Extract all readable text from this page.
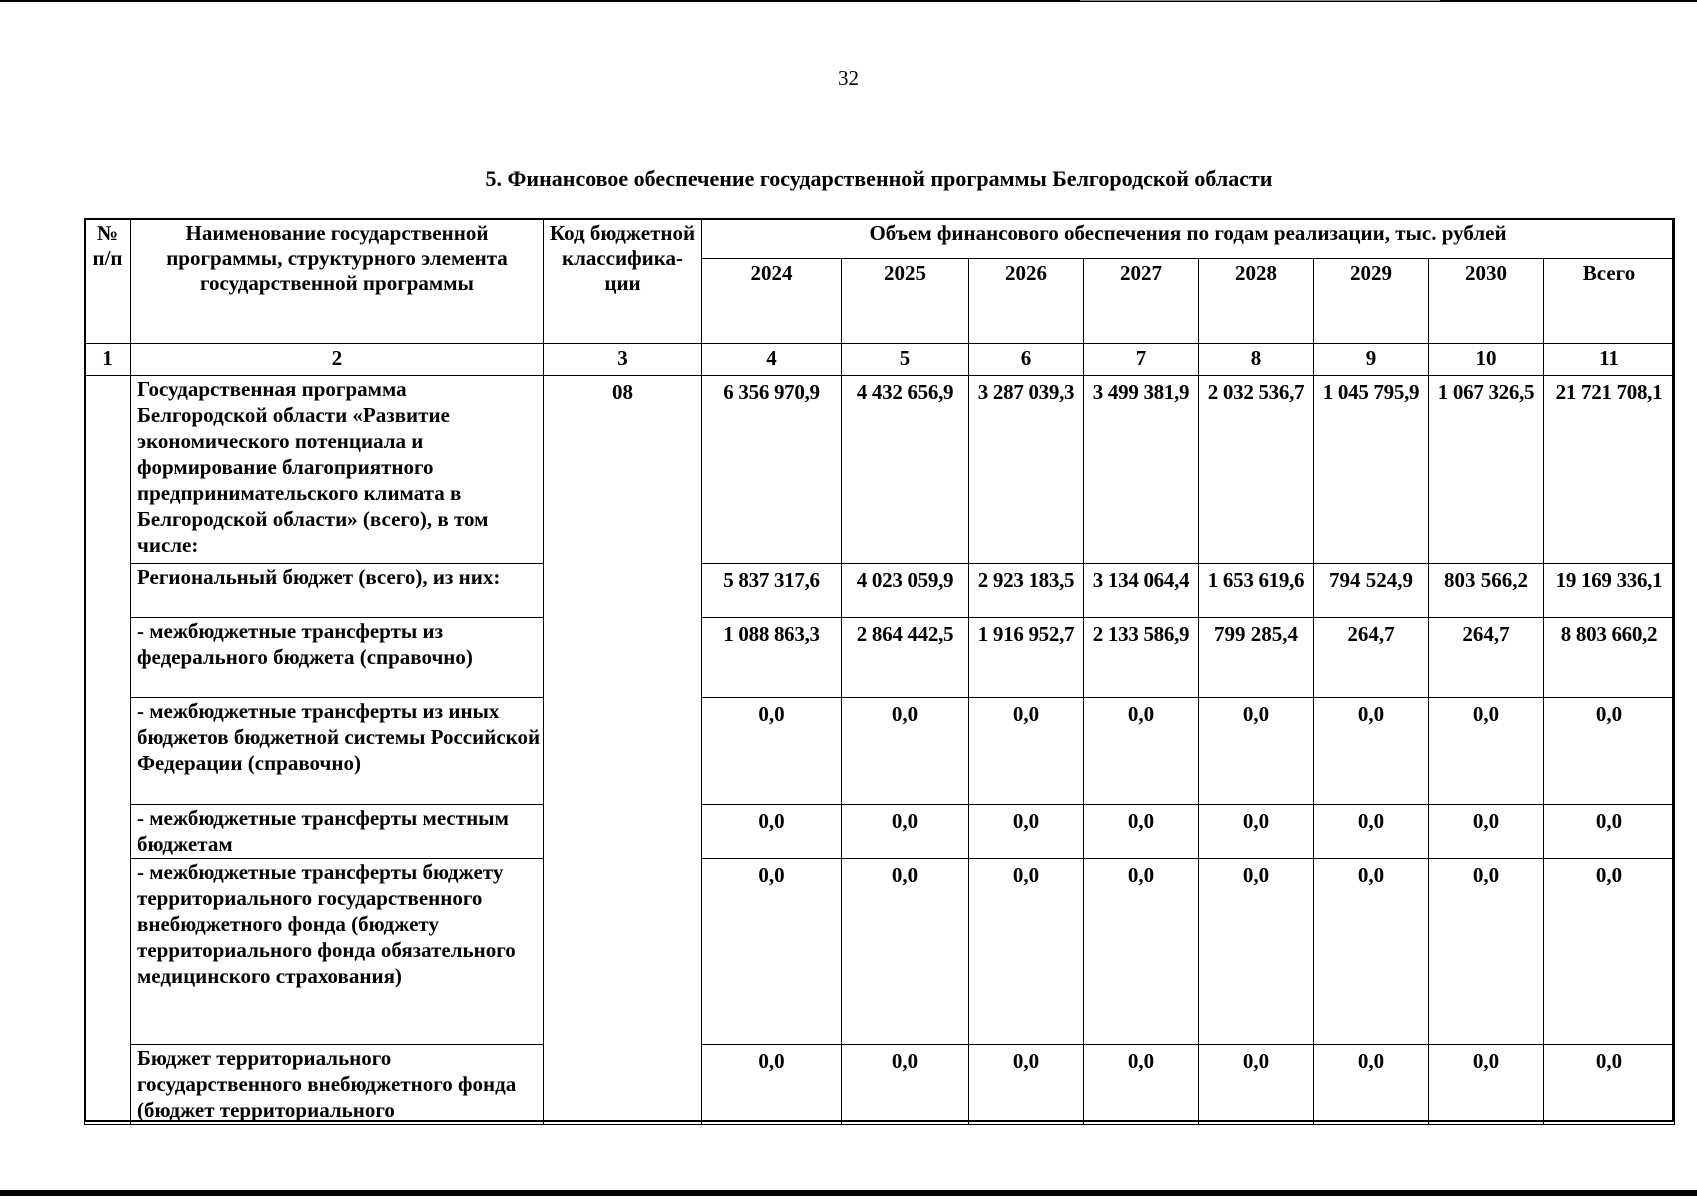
32
5. Финансовое обеспечение государственной программы Белгородской области
№ п/п	Наименование государственной программы, структурного элемента государственной программы	Код бюджетной классифика-ции	Объем финансового обеспечения по годам реализации, тыс. рублей							
			2024	2025	2026	2027	2028	2029	2030	Всего
1	2	3	4	5	6	7	8	9	10	11
	Государственная программа Белгородской области «Развитие экономического потенциала и формирование благоприятного предпринимательского климата в Белгородской области» (всего), в том числе:	08	6 356 970,9	4 432 656,9	3 287 039,3	3 499 381,9	2 032 536,7	1 045 795,9	1 067 326,5	21 721 708,1
	Региональный бюджет (всего), из них:		5 837 317,6	4 023 059,9	2 923 183,5	3 134 064,4	1 653 619,6	794 524,9	803 566,2	19 169 336,1
	- межбюджетные трансферты из федерального бюджета (справочно)		1 088 863,3	2 864 442,5	1 916 952,7	2 133 586,9	799 285,4	264,7	264,7	8 803 660,2
	- межбюджетные трансферты из иных бюджетов бюджетной системы Российской Федерации (справочно)		0,0	0,0	0,0	0,0	0,0	0,0	0,0	0,0
	- межбюджетные трансферты местным бюджетам		0,0	0,0	0,0	0,0	0,0	0,0	0,0	0,0
	- межбюджетные трансферты бюджету территориального государственного внебюджетного фонда (бюджету территориального фонда обязательного медицинского страхования)		0,0	0,0	0,0	0,0	0,0	0,0	0,0	0,0
	Бюджет территориального государственного внебюджетного фонда (бюджет территориального		0,0	0,0	0,0	0,0	0,0	0,0	0,0	0,0
